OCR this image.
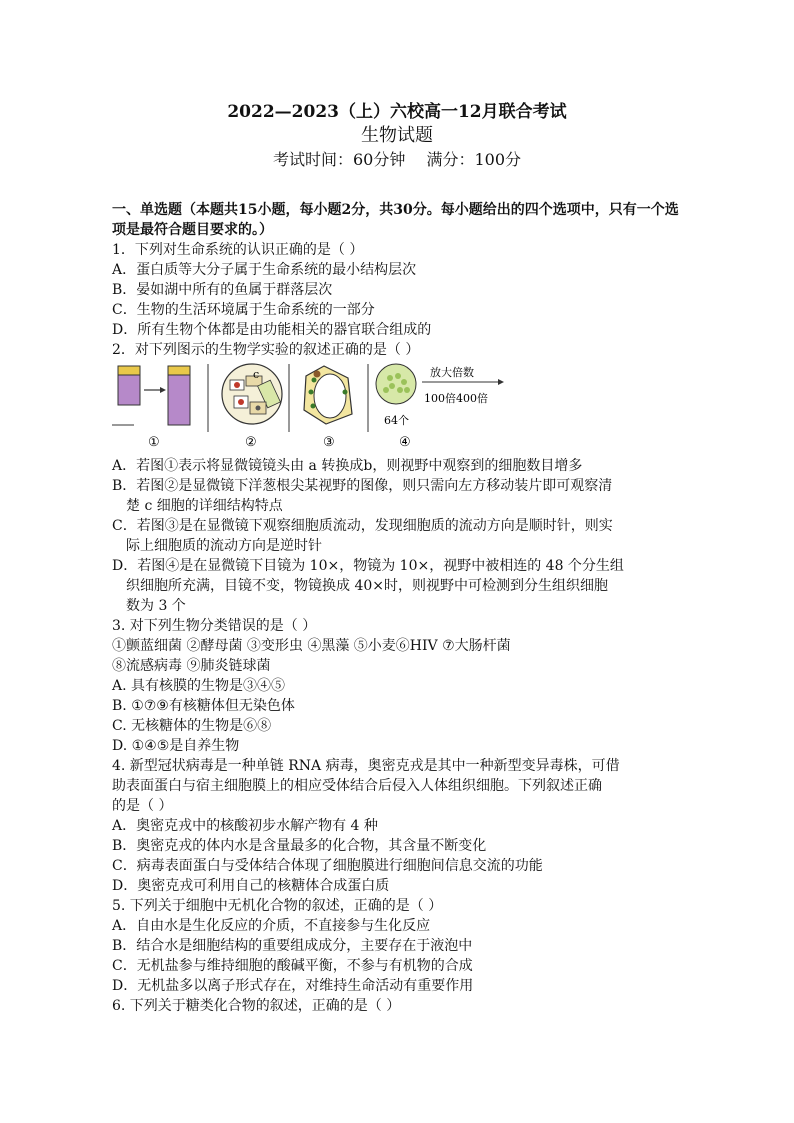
2022—2023（上）六校高一12月联合考试
生物试题
考试时间：60分钟 满分：100分
一、单选题（本题共15小题，每小题2分，共30分。每小题给出的四个选项中，只有一个选项是最符合题目要求的。）

1．下列对生命系统的认识正确的是（ ）

A．蛋白质等大分子属于生命系统的最小结构层次

B．晏如湖中所有的鱼属于群落层次

C．生物的生活环境属于生命系统的一部分

D．所有生物个体都是由功能相关的器官联合组成的

2．对下列图示的生物学实验的叙述正确的是（ ）

c
64个
放大倍数
100倍400倍
①	②	③	④

A．若图①表示将显微镜镜头由 a 转换成b，则视野中观察到的细胞数目增多

B．若图②是显微镜下洋葱根尖某视野的图像，则只需向左方移动装片即可观察清

楚 c 细胞的详细结构特点

C．若图③是在显微镜下观察细胞质流动，发现细胞质的流动方向是顺时针，则实

际上细胞质的流动方向是逆时针

D．若图④是在显微镜下目镜为 10×，物镜为 10×，视野中被相连的 48 个分生组

织细胞所充满，目镜不变，物镜换成 40×时，则视野中可检测到分生组织细胞

数为 3 个

3. 对下列生物分类错误的是（ ）

①颤蓝细菌 ②酵母菌 ③变形虫 ④黑藻 ⑤小麦⑥HIV ⑦大肠杆菌

⑧流感病毒 ⑨肺炎链球菌

A. 具有核膜的生物是③④⑤

B. ①⑦⑨有核糖体但无染色体

C. 无核糖体的生物是⑥⑧

D. ①④⑤是自养生物

4. 新型冠状病毒是一种单链 RNA 病毒，奥密克戎是其中一种新型变异毒株，可借

助表面蛋白与宿主细胞膜上的相应受体结合后侵入人体组织细胞。下列叙述正确

的是（ ）

A．奥密克戎中的核酸初步水解产物有 4 种

B．奥密克戎的体内水是含量最多的化合物，其含量不断变化

C．病毒表面蛋白与受体结合体现了细胞膜进行细胞间信息交流的功能

D．奥密克戎可利用自己的核糖体合成蛋白质

5. 下列关于细胞中无机化合物的叙述，正确的是（ ）

A．自由水是生化反应的介质，不直接参与生化反应

B．结合水是细胞结构的重要组成成分，主要存在于液泡中

C．无机盐参与维持细胞的酸碱平衡，不参与有机物的合成

D．无机盐多以离子形式存在，对维持生命活动有重要作用

6. 下列关于糖类化合物的叙述，正确的是（ ）
